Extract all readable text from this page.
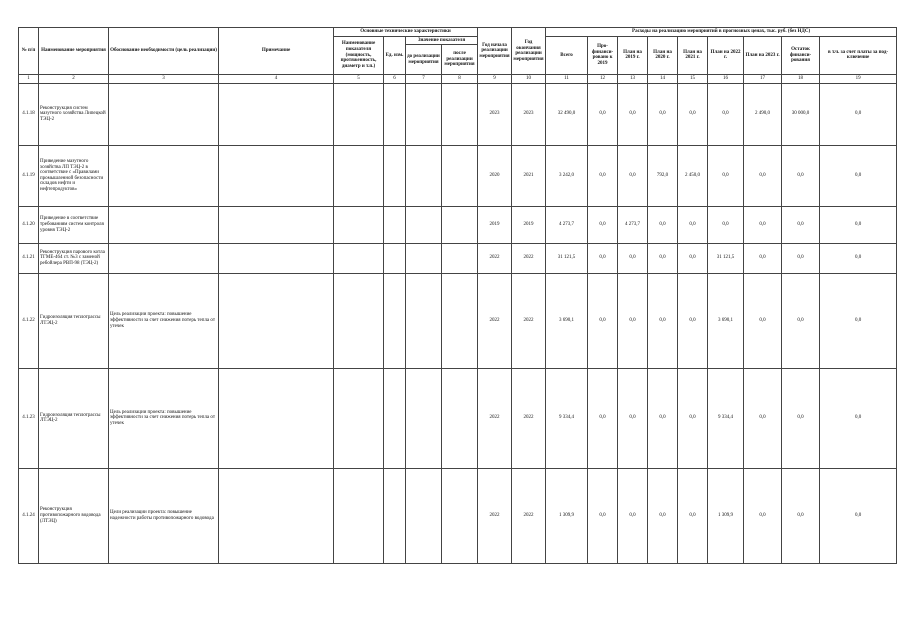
№ п/п	Наименование мероприятия	Обоснование необходимости (цель реализации)	Примечание	Основные технические характеристики				Год начала реализации мероприятия	Год окончания реализации мероприятия	Расходы на реализацию мероприятий в прогнозных ценах, тыс. руб. (без НДС)								
				Наименование показателя (мощность, протяженность, диаметр и т.п.)	Ед. изм.	Значение показателя				Всего	Про-финанси-ровано к 2019	План на 2019 г.	План на 2020 г.	План на 2021 г.	План на 2022 г.	План на 2023 г.	Остаток финанси-рования	в т.ч. за счет платы за под-ключение
						до реализации мероприятия	после реализации мероприятия											
1	2	3	4	5	6	7	8	9	10	11	12	13	14	15	16	17	18	19
4.1.18	Реконструкция систем мазутного хозяйства Липецкой ТЭЦ-2							2023	2023	32 490,0	0,0	0,0	0,0	0,0	0,0	2 490,0	30 000,0	0,0
4.1.19	Приведение мазутного хозяйства ЛП ТЭЦ-2 в соответствие с «Правилами промышленной безопасности складов нефти и нефтепродуктов»							2020	2021	3 242,0	0,0	0,0	792,0	2 450,0	0,0	0,0	0,0	0,0
4.1.20	Приведение в соответствие требованиям систем контроля уровня ТЭЦ-2							2019	2019	4 273,7	0,0	4 273,7	0,0	0,0	0,0	0,0	0,0	0,0
4.1.21	Реконструкция парового котла ТГМЕ-464 ст. №3 с заменой ребойлера РВП-98 (ТЭЦ-2)							2022	2022	31 121,5	0,0	0,0	0,0	0,0	31 121,5	0,0	0,0	0,0
4.1.22	Гидроизоляция теплотрассы ЛТЭЦ-2	Цель реализации проекта: повышение эффективности за счет снижения потерь тепла от утечек						2022	2022	3 690,1	0,0	0,0	0,0	0,0	3 690,1	0,0	0,0	0,0
4.1.23	Гидроизоляция теплотрассы ЛТЭЦ-2	Цель реализации проекта: повышение эффективности за счет снижения потерь тепла от утечек						2022	2022	9 334,4	0,0	0,0	0,0	0,0	9 334,4	0,0	0,0	0,0
4.1.24	Реконструкция противопожарного водовода (ЛТЭЦ)	Цели реализации проекта: повышение надежности работы противопожарного водовода						2022	2022	1 309,9	0,0	0,0	0,0	0,0	1 309,9	0,0	0,0	0,0
